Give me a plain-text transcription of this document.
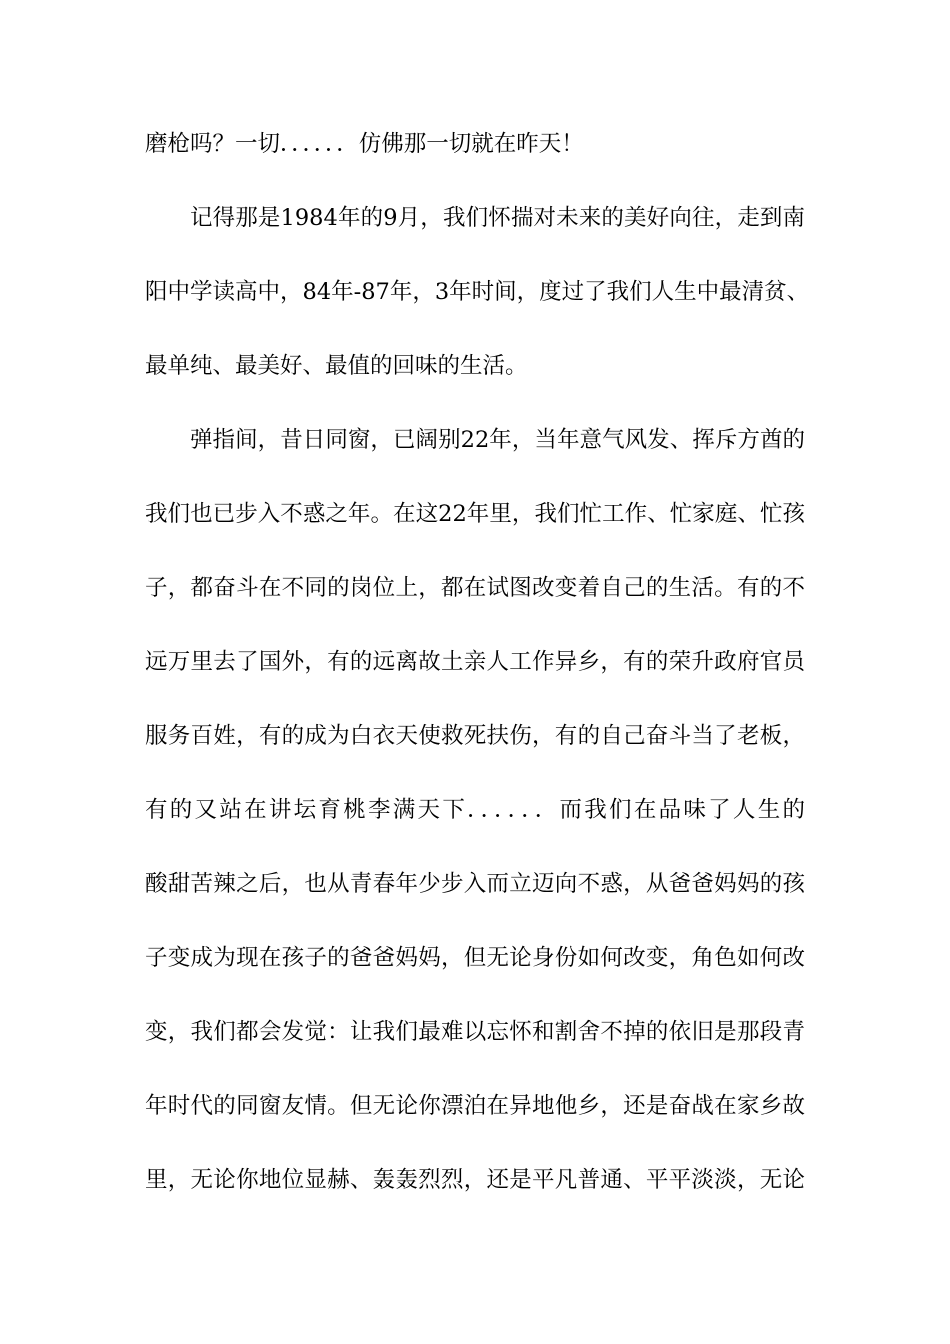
磨枪吗？一切．．．．．．仿佛那一切就在昨天！
记得那是1984年的9月，我们怀揣对未来的美好向往，走到南
阳中学读高中，84年-87年，3年时间，度过了我们人生中最清贫、
最单纯、最美好、最值的回味的生活。
弹指间，昔日同窗，已阔别22年，当年意气风发、挥斥方酋的
我们也已步入不惑之年。在这22年里，我们忙工作、忙家庭、忙孩
子，都奋斗在不同的岗位上，都在试图改变着自己的生活。有的不
远万里去了国外，有的远离故土亲人工作异乡，有的荣升政府官员
服务百姓，有的成为白衣天使救死扶伤，有的自己奋斗当了老板，
有的又站在讲坛育桃李满天下．．．．．．而我们在品味了人生的
酸甜苦辣之后，也从青春年少步入而立迈向不惑，从爸爸妈妈的孩
子变成为现在孩子的爸爸妈妈，但无论身份如何改变，角色如何改
变，我们都会发觉：让我们最难以忘怀和割舍不掉的依旧是那段青
年时代的同窗友情。但无论你漂泊在异地他乡，还是奋战在家乡故
里，无论你地位显赫、轰轰烈烈，还是平凡普通、平平淡淡，无论
